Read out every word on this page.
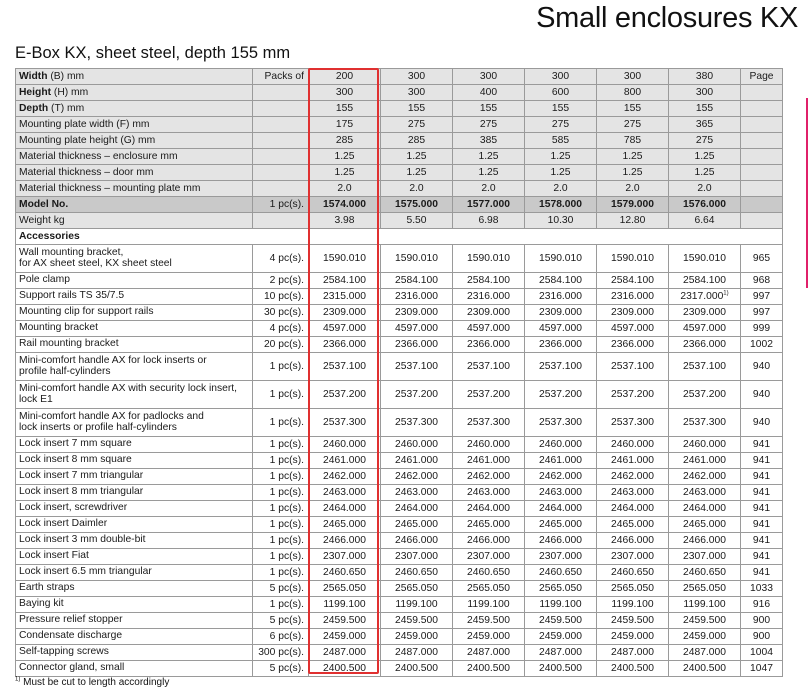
Small enclosures KX
E-Box KX, sheet steel, depth 155 mm
Width (B) mm	Packs of	200	300	300	300	300	380	Page
Height (H) mm		300	300	400	600	800	300	
Depth (T) mm		155	155	155	155	155	155	
Mounting plate width (F) mm		175	275	275	275	275	365	
Mounting plate height (G) mm		285	285	385	585	785	275	
Material thickness – enclosure mm		1.25	1.25	1.25	1.25	1.25	1.25	
Material thickness – door mm		1.25	1.25	1.25	1.25	1.25	1.25	
Material thickness – mounting plate mm		2.0	2.0	2.0	2.0	2.0	2.0	
Model No.	1 pc(s).	1574.000	1575.000	1577.000	1578.000	1579.000	1576.000	
Weight kg		3.98	5.50	6.98	10.30	12.80	6.64	
Accessories								

Wall mounting bracket,
for AX sheet steel, KX sheet steel	4 pc(s).	1590.010	1590.010	1590.010	1590.010	1590.010	1590.010	965

Pole clamp	2 pc(s).	2584.100	2584.100	2584.100	2584.100	2584.100	2584.100	968

Support rails TS 35/7.5	10 pc(s).	2315.000	2316.000	2316.000	2316.000	2316.000	2317.000$^{1)}$	997

Mounting clip for support rails	30 pc(s).	2309.000	2309.000	2309.000	2309.000	2309.000	2309.000	997

Mounting bracket	4 pc(s).	4597.000	4597.000	4597.000	4597.000	4597.000	4597.000	999

Rail mounting bracket	20 pc(s).	2366.000	2366.000	2366.000	2366.000	2366.000	2366.000	1002

Mini-comfort handle AX for lock inserts or
profile half-cylinders	1 pc(s).	2537.100	2537.100	2537.100	2537.100	2537.100	2537.100	940

Mini-comfort handle AX with security lock insert,
lock E1	1 pc(s).	2537.200	2537.200	2537.200	2537.200	2537.200	2537.200	940

Mini-comfort handle AX for padlocks and
lock inserts or profile half-cylinders	1 pc(s).	2537.300	2537.300	2537.300	2537.300	2537.300	2537.300	940

Lock insert 7 mm square	1 pc(s).	2460.000	2460.000	2460.000	2460.000	2460.000	2460.000	941

Lock insert 8 mm square	1 pc(s).	2461.000	2461.000	2461.000	2461.000	2461.000	2461.000	941

Lock insert 7 mm triangular	1 pc(s).	2462.000	2462.000	2462.000	2462.000	2462.000	2462.000	941

Lock insert 8 mm triangular	1 pc(s).	2463.000	2463.000	2463.000	2463.000	2463.000	2463.000	941

Lock insert, screwdriver	1 pc(s).	2464.000	2464.000	2464.000	2464.000	2464.000	2464.000	941

Lock insert Daimler	1 pc(s).	2465.000	2465.000	2465.000	2465.000	2465.000	2465.000	941

Lock insert 3 mm double-bit	1 pc(s).	2466.000	2466.000	2466.000	2466.000	2466.000	2466.000	941

Lock insert Fiat	1 pc(s).	2307.000	2307.000	2307.000	2307.000	2307.000	2307.000	941

Lock insert 6.5 mm triangular	1 pc(s).	2460.650	2460.650	2460.650	2460.650	2460.650	2460.650	941

Earth straps	5 pc(s).	2565.050	2565.050	2565.050	2565.050	2565.050	2565.050	1033

Baying kit	1 pc(s).	1199.100	1199.100	1199.100	1199.100	1199.100	1199.100	916

Pressure relief stopper	5 pc(s).	2459.500	2459.500	2459.500	2459.500	2459.500	2459.500	900

Condensate discharge	6 pc(s).	2459.000	2459.000	2459.000	2459.000	2459.000	2459.000	900

Self-tapping screws	300 pc(s).	2487.000	2487.000	2487.000	2487.000	2487.000	2487.000	1004

Connector gland, small	5 pc(s).	2400.500	2400.500	2400.500	2400.500	2400.500	2400.500	1047
$^{1)}$ Must be cut to length accordingly
